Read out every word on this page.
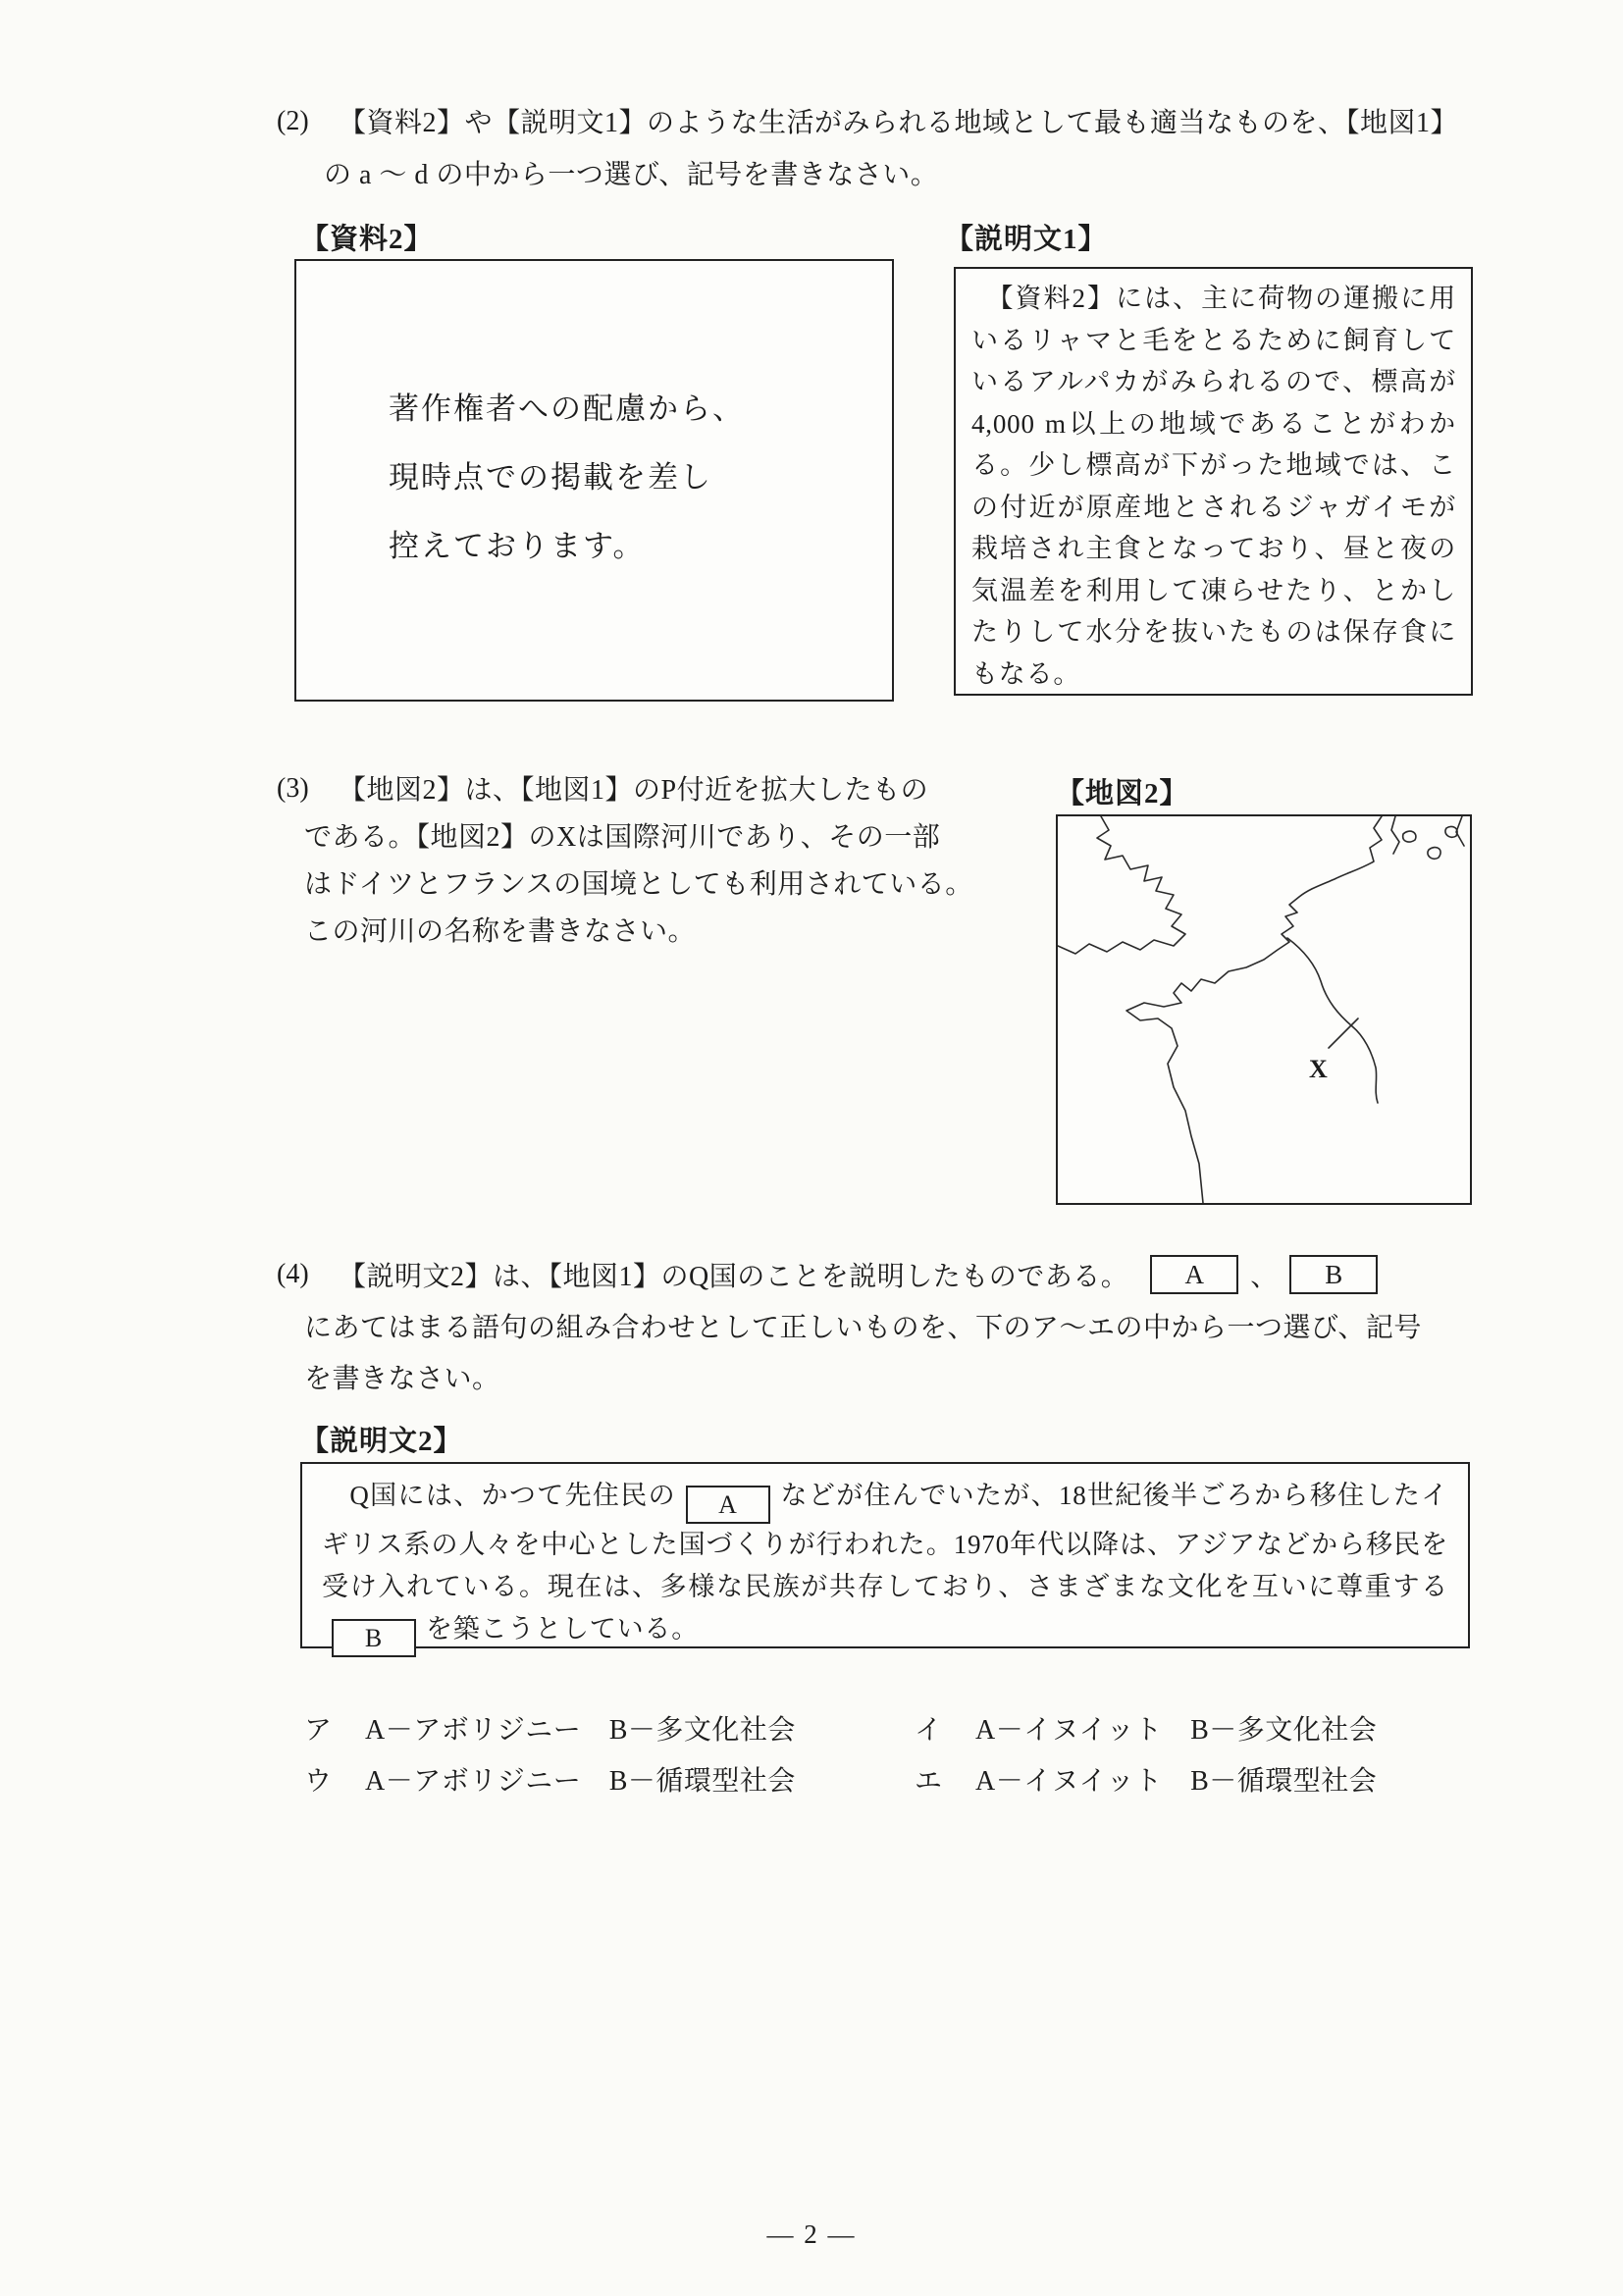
(2) 【資料2】や【説明文1】のような生活がみられる地域として最も適当なものを、【地図1】
の a 〜 d の中から一つ選び、記号を書きなさい。
【資料2】
著作権者への配慮から、
現時点での掲載を差し
控えております。
【説明文1】
　【資料2】には、主に荷物の運搬に用いるリャマと毛をとるために飼育しているアルパカがみられるので、標高が4,000 m以上の地域であることがわかる。少し標高が下がった地域では、この付近が原産地とされるジャガイモが栽培され主食となっており、昼と夜の気温差を利用して凍らせたり、とかしたりして水分を抜いたものは保存食にもなる。
(3) 【地図2】は、【地図1】のP付近を拡大したもの
である。【地図2】のXは国際河川であり、その一部
はドイツとフランスの国境としても利用されている。
この河川の名称を書きなさい。
【地図2】
X
(4) 【説明文2】は、【地図1】のQ国のことを説明したものである。	A	、	B
にあてはまる語句の組み合わせとして正しいものを、下のア〜エの中から一つ選び、記号
を書きなさい。
【説明文2】
　Q国には、かつて先住民の A などが住んでいたが、18世紀後半ごろから移住したイギリス系の人々を中心とした国づくりが行われた。1970年代以降は、アジアなどから移民を受け入れている。現在は、多様な民族が共存しており、さまざまな文化を互いに尊重するB を築こうとしている。
ア	A－アボリジニー　B－多文化社会	イ	A－イヌイット　B－多文化社会
ウ	A－アボリジニー　B－循環型社会	エ	A－イヌイット　B－循環型社会
― 2 ―
